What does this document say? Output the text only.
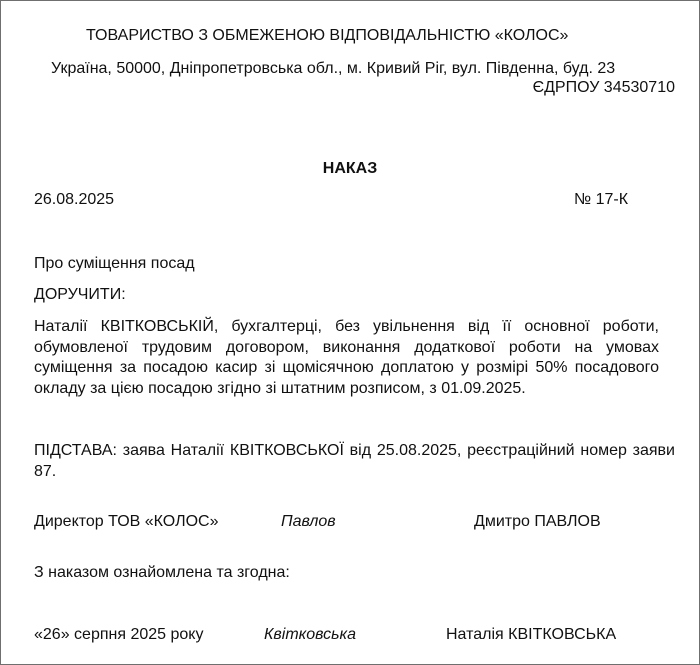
ТОВАРИСТВО З ОБМЕЖЕНОЮ ВІДПОВІДАЛЬНІСТЮ «КОЛОС»
Україна, 50000, Дніпропетровська обл., м. Кривий Ріг, вул. Південна, буд. 23
ЄДРПОУ 34530710
НАКАЗ
26.08.2025	№ 17-К
Про суміщення посад
ДОРУЧИТИ:
Наталії КВІТКОВСЬКІЙ, бухгалтерці, без увільнення від її основної роботи, обумовленої трудовим договором, виконання додаткової роботи на умовах суміщення за посадою касир зі щомісячною доплатою у розмірі 50% посадового окладу за цією посадою згідно зі штатним розписом, з 01.09.2025.
ПІДСТАВА: заява Наталії КВІТКОВСЬКОЇ від 25.08.2025, реєстраційний номер заяви 87.
Директор ТОВ «КОЛОС»	Павлов	Дмитро ПАВЛОВ
З наказом ознайомлена та згодна:
«26» серпня 2025 року	Квітковська	Наталія КВІТКОВСЬКА
